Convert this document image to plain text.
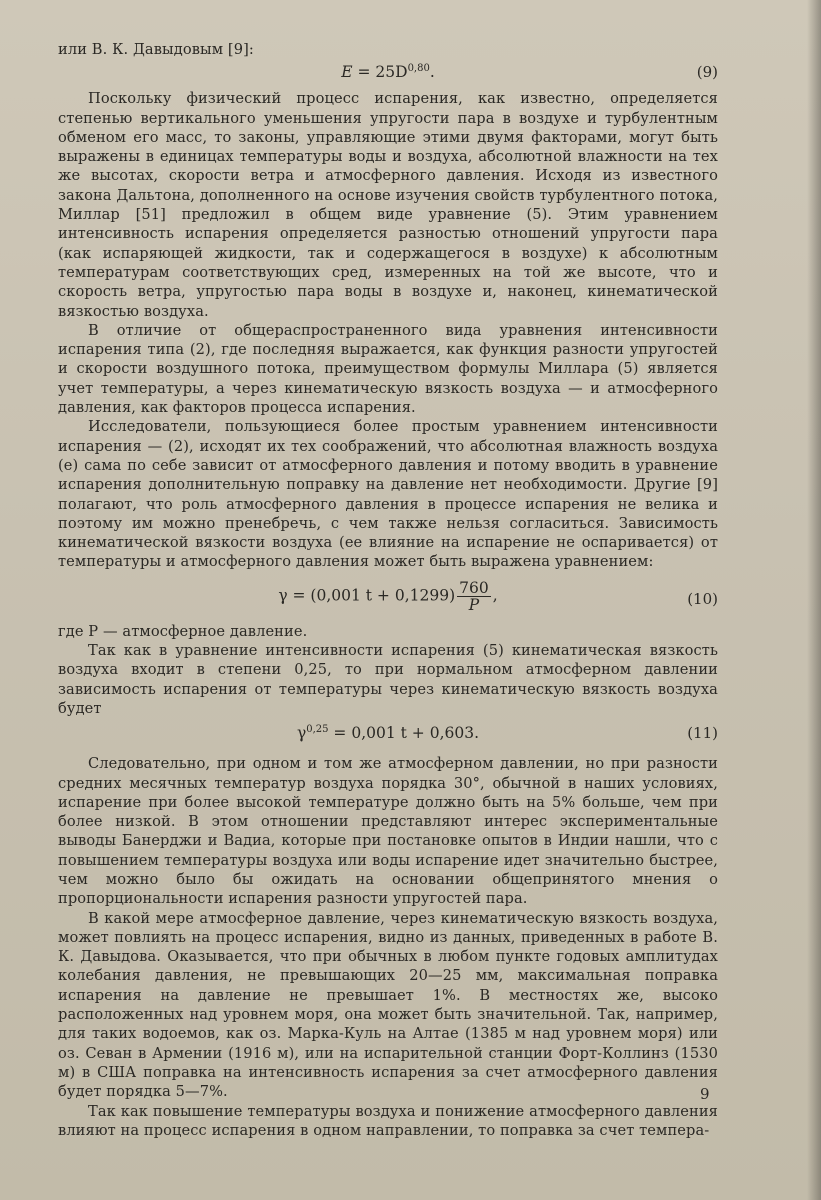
или В. К. Давыдовым [9]:

$E = 25D^{0,80}$.	(9)

Поскольку физический процесс испарения, как известно, определяется степенью вертикального уменьшения упругости пара в воздухе и турбулентным обменом его масс, то законы, управляющие этими двумя факторами, могут быть выражены в единицах температуры воды и воздуха, абсолютной влажности на тех же высотах, скорости ветра и атмосферного давления. Исходя из известного закона Дальтона, дополненного на основе изучения свойств турбулентного потока, Миллар [51] предложил в общем виде уравнение (5). Этим уравнением интенсивность испарения определяется разностью отношений упругости пара (как испаряющей жидкости, так и содержащегося в воздухе) к абсолютным температурам соответствующих сред, измеренных на той же высоте, что и скорость ветра, упругостью пара воды в воздухе и, наконец, кинематической вязкостью воздуха.

В отличие от общераспространенного вида уравнения интенсивности испарения типа (2), где последняя выражается, как функция разности упругостей и скорости воздушного потока, преимуществом формулы Миллара (5) является учет температуры, а через кинематическую вязкость воздуха — и атмосферного давления, как факторов процесса испарения.

Исследователи, пользующиеся более простым уравнением интенсивности испарения — (2), исходят их тех соображений, что абсолютная влажность воздуха (e) сама по себе зависит от атмосферного давления и потому вводить в уравнение испарения дополнительную поправку на давление нет необходимости. Другие [9] полагают, что роль атмосферного давления в процессе испарения не велика и поэтому им можно пренебречь, с чем также нельзя согласиться. Зависимость кинематической вязкости воздуха (ее влияние на испарение не оспаривается) от температуры и атмосферного давления может быть выражена уравнением:

γ = (0,001 $t + 0,1299) \frac{760}{P}$ ,	(10)

где P — атмосферное давление.

Так как в уравнение интенсивности испарения (5) кинематическая вязкость воздуха входит в степени 0,25, то при нормальном атмосферном давлении зависимость испарения от температуры через кинематическую вязкость воздуха будет

$\gamma^{0,25} = 0,001$ t + 0,603.	(11)

Следовательно, при одном и том же атмосферном давлении, но при разности средних месячных температур воздуха порядка 30°, обычной в наших условиях, испарение при более высокой температуре должно быть на 5% больше, чем при более низкой. В этом отношении представляют интерес экспериментальные выводы Банерджи и Вадиа, которые при постановке опытов в Индии нашли, что с повышением температуры воздуха или воды испарение идет значительно быстрее, чем можно было бы ожидать на основании общепринятого мнения о пропорциональности испарения разности упругостей пара.

В какой мере атмосферное давление, через кинематическую вязкость воздуха, может повлиять на процесс испарения, видно из данных, приведенных в работе В. К. Давыдова. Оказывается, что при обычных в любом пункте годовых амплитудах колебания давления, не превышающих 20—25 мм, максимальная поправка испарения на давление не превышает 1%. В местностях же, высоко расположенных над уровнем моря, она может быть значительной. Так, например, для таких водоемов, как оз. Марка-Куль на Алтае (1385 м над уровнем моря) или оз. Севан в Армении (1916 м), или на испарительной станции Форт-Коллинз (1530 м) в США поправка на интенсивность испарения за счет атмосферного давления будет порядка 5—7%.

Так как повышение температуры воздуха и понижение атмосферного давления влияют на процесс испарения в одном направлении, то поправка за счет темпера-

9
